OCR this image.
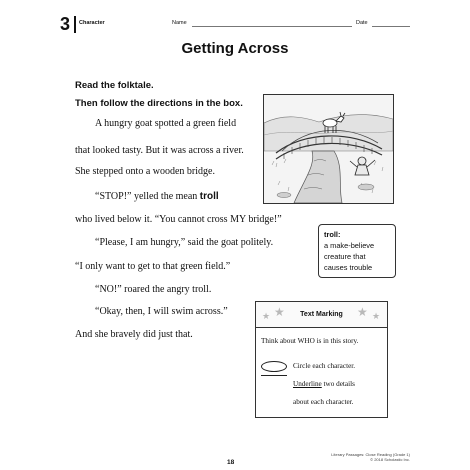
3 Character	Name	Date
Getting Across
Read the folktale.
Then follow the directions in the box.

A hungry goat spotted a green field

that looked tasty. But it was across a river.

She stepped onto a wooden bridge.

“STOP!” yelled the mean troll

who lived below it. “You cannot cross MY bridge!”

“Please, I am hungry,” said the goat politely.

“I only want to get to that green field.”

“NO!” roared the angry troll.

“Okay, then, I will swim across.”

And she bravely did just that.

troll:
a make-believe
creature that
causes trouble
★ ★	★ ★
Text Marking
Think about WHO is in this story.
Circle each character.
Underline two details
about each character.
18
Literary Passages: Close Reading (Grade 1)
© 2018 Scholastic Inc.
